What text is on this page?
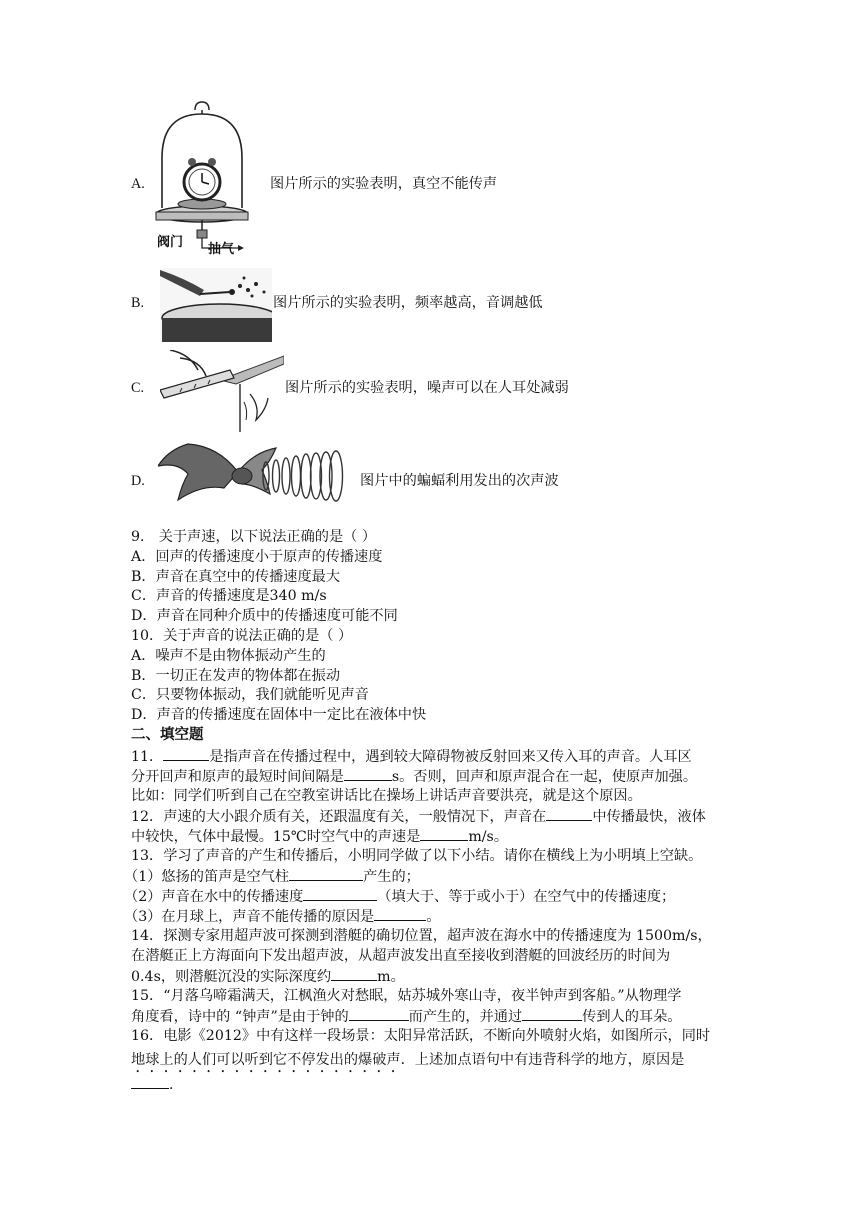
A.
阀门 抽气
图片所示的实验表明，真空不能传声
B.	图片所示的实验表明，频率越高，音调越低
C.	图片所示的实验表明，噪声可以在人耳处减弱
D.	图片中的蝙蝠利用发出的次声波
9． 关于声速，以下说法正确的是（ ）
A．回声的传播速度小于原声的传播速度
B．声音在真空中的传播速度最大
C．声音的传播速度是340 m/s
D．声音在同种介质中的传播速度可能不同
10．关于声音的说法正确的是（ ）
A．噪声不是由物体振动产生的
B．一切正在发声的物体都在振动
C．只要物体振动，我们就能听见声音
D．声音的传播速度在固体中一定比在液体中快
二、填空题
11．	是指声音在传播过程中，遇到较大障碍物被反射回来又传入耳的声音。人耳区
分开回声和原声的最短时间间隔是	s。否则，回声和原声混合在一起，使原声加强。
比如：同学们听到自己在空教室讲话比在操场上讲话声音要洪亮，就是这个原因。
12．声速的大小跟介质有关，还跟温度有关，一般情况下，声音在	中传播最快，液体
中较快，气体中最慢。15℃时空气中的声速是	m/s。
13．学习了声音的产生和传播后，小明同学做了以下小结。请你在横线上为小明填上空缺。
（1）悠扬的笛声是空气柱	产生的；
（2）声音在水中的传播速度	（填大于、等于或小于）在空气中的传播速度；
（3）在月球上，声音不能传播的原因是	。
14．探测专家用超声波可探测到潜艇的确切位置，超声波在海水中的传播速度为 1500m/s，
在潜艇正上方海面向下发出超声波，从超声波发出直至接收到潜艇的回波经历的时间为
0.4s，则潜艇沉没的实际深度约	m。
15．“月落乌啼霜满天，江枫渔火对愁眠，姑苏城外寒山寺，夜半钟声到客船。”从物理学
角度看，诗中的 “钟声”是由于钟的	而产生的，并通过	传到人的耳朵。
16．电影《2012》中有这样一段场景：太阳异常活跃，不断向外喷射火焰，如图所示，同时
地球上的人们可以听到它不停发出的爆破声．上述加点语句中有违背科学的地方，原因是
．
